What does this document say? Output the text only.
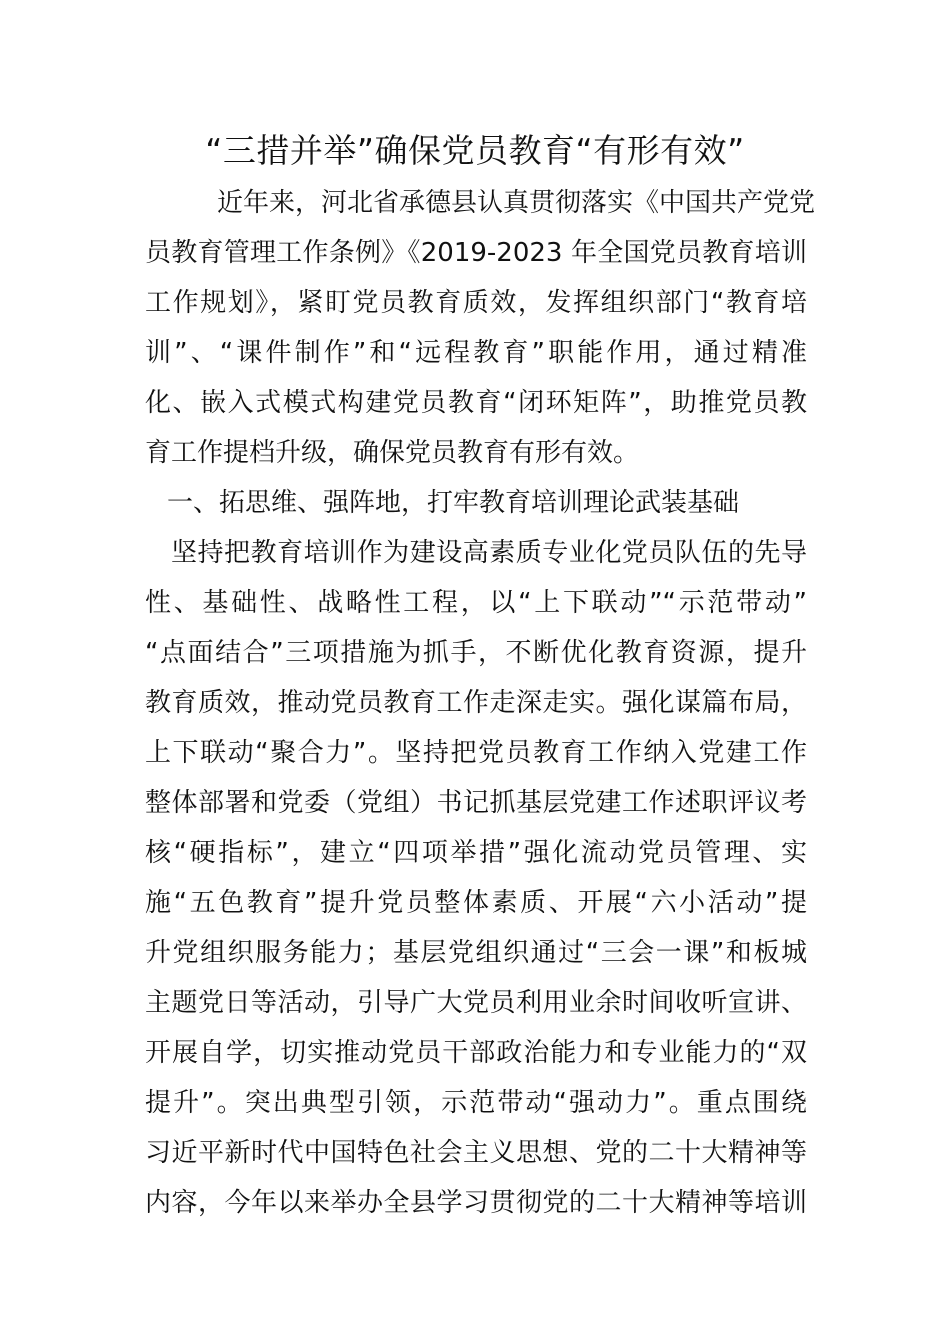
“三措并举”确保党员教育“有形有效”
近年来，河北省承德县认真贯彻落实《中国共产党党
员教育管理工作条例》《2019-2023 年全国党员教育培训
工作规划》，紧盯党员教育质效，发挥组织部门“教育培
训”、“课件制作”和“远程教育”职能作用，通过精准
化、嵌入式模式构建党员教育“闭环矩阵”，助推党员教
育工作提档升级，确保党员教育有形有效。
一、拓思维、强阵地，打牢教育培训理论武装基础
坚持把教育培训作为建设高素质专业化党员队伍的先导
性、基础性、战略性工程，以“上下联动”“示范带动”
“点面结合”三项措施为抓手，不断优化教育资源，提升
教育质效，推动党员教育工作走深走实。强化谋篇布局，
上下联动“聚合力”。坚持把党员教育工作纳入党建工作
整体部署和党委（党组）书记抓基层党建工作述职评议考
核“硬指标”，建立“四项举措”强化流动党员管理、实
施“五色教育”提升党员整体素质、开展“六小活动”提
升党组织服务能力；基层党组织通过“三会一课”和板城
主题党日等活动，引导广大党员利用业余时间收听宣讲、
开展自学，切实推动党员干部政治能力和专业能力的“双
提升”。突出典型引领，示范带动“强动力”。重点围绕
习近平新时代中国特色社会主义思想、党的二十大精神等
内容，今年以来举办全县学习贯彻党的二十大精神等培训
